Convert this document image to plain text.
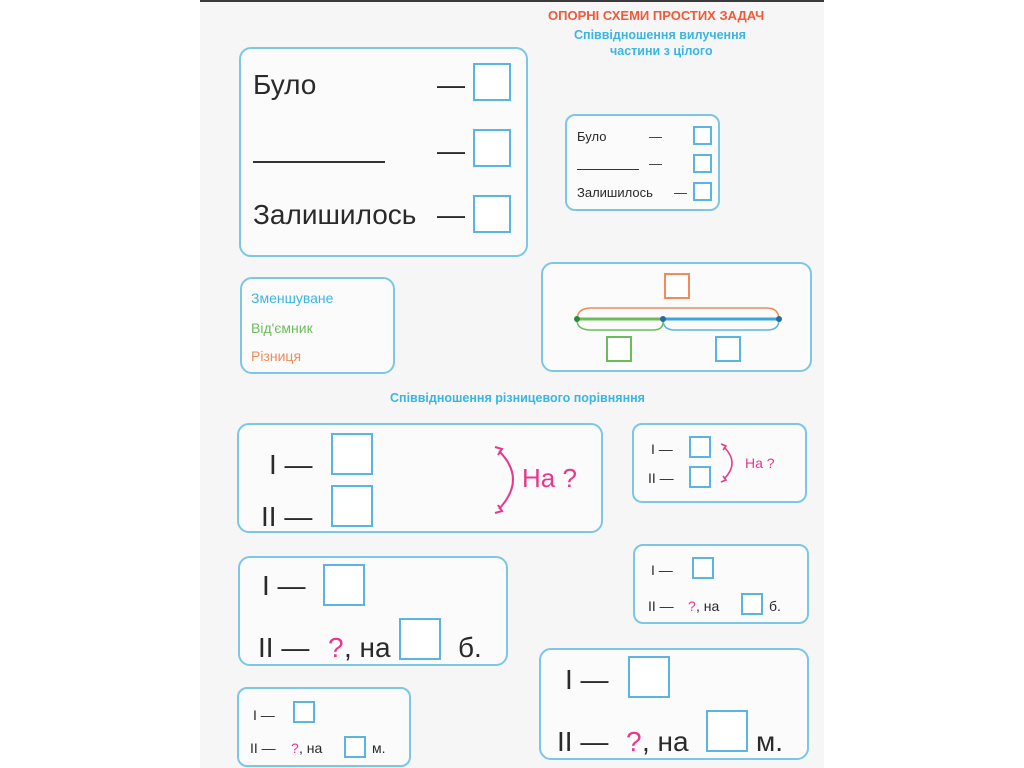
ОПОРНІ СХЕМИ ПРОСТИХ ЗАДАЧ
Співвідношення вилучення
частини з цілого
Було	—
—
Залишилось —
Було	—
—
Залишилось —
Зменшуване
Від'ємник
Різниця
Співвідношення різницевого порівняння
І —
ІІ —
На ?
І —
ІІ —
На ?
І —
ІІ — ? , на б.
І —
ІІ — ? , на	б.
І —
ІІ — ? , на	м.
І —
ІІ — ? , на м.
